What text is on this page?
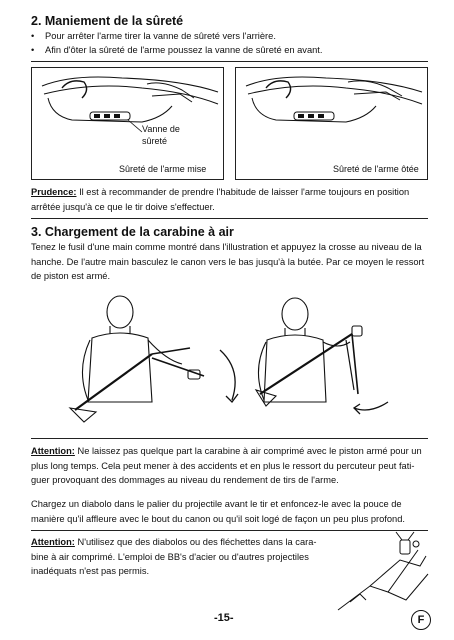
2. Maniement de la sûreté
• Pour arrêter l'arme tirer la vanne de sûreté vers l'arrière.
• Afin d'ôter la sûreté de l'arme poussez la vanne de sûreté en avant.
Vanne de
sûreté
Sûreté de l'arme mise	Sûreté de l'arme ôtée
Prudence: Il est à recommander de prendre l'habitude de laisser l'arme toujours en position
arrêtée jusqu'à ce que le tir doive s'effectuer.
3. Chargement de la carabine à air
Tenez le fusil d'une main comme montré dans l'illustration et appuyez la crosse au niveau de la
hanche. De l'autre main basculez le canon vers le bas jusqu'à la butée. Par ce moyen le ressort
de piston est armé.
Attention: Ne laissez pas quelque part la carabine à air comprimé avec le piston armé pour un
plus long temps. Cela peut mener à des accidents et en plus le ressort du percuteur peut fati-
guer provoquant des dommages au niveau du rendement de tirs de l'arme.
Chargez un diabolo dans le palier du projectile avant le tir et enfoncez-le avec la pouce de
manière qu'il affleure avec le bout du canon ou qu'il soit logé de façon un peu plus profond.
Attention: N'utilisez que des diabolos ou des fléchettes dans la cara-
bine à air comprimé. L'emploi de BB's d'acier ou d'autres projectiles
inadéquats n'est pas permis.
-15-	F
